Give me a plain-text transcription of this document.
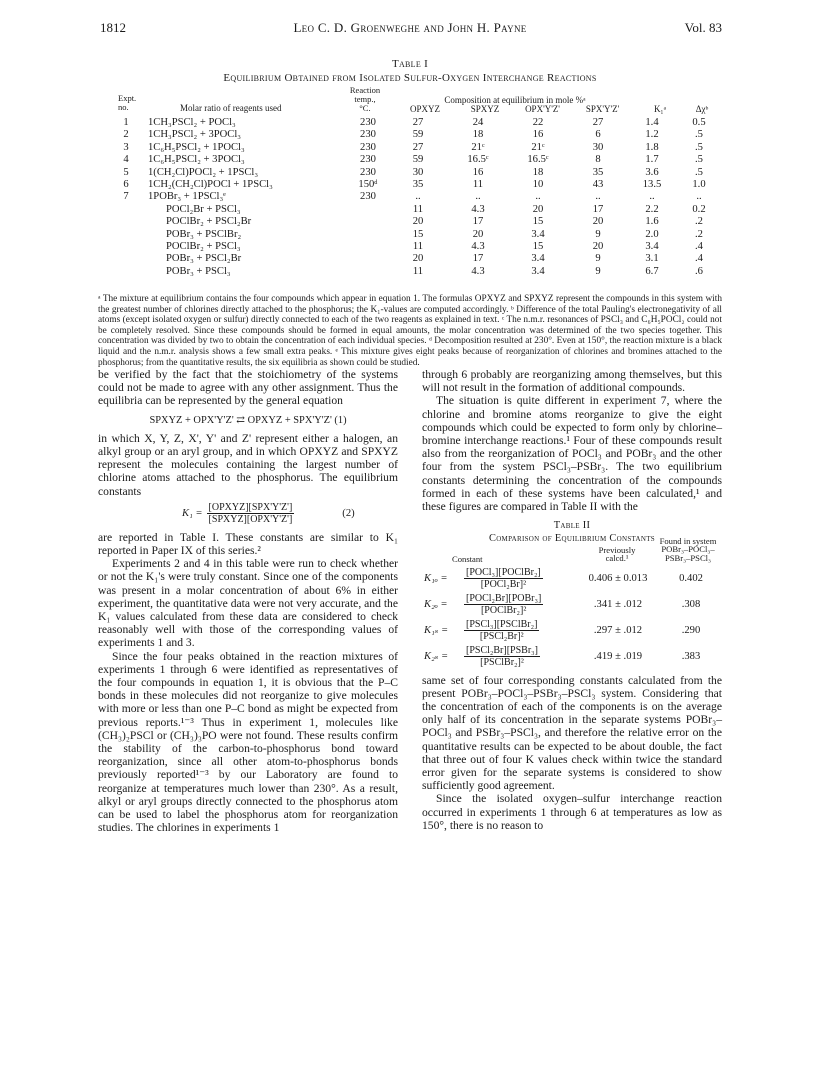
1812	Leo C. D. Groenweghe and John H. Payne	Vol. 83
Table I
Equilibrium Obtained from Isolated Sulfur-Oxygen Interchange Reactions
Expt.
no.	Molar ratio of reagents used
Reaction
temp.,
°C.
Composition at equilibrium in mole %ᵃ
OPXYZ	SPXYZ	OPX'Y'Z'	SPX'Y'Z'	K₁ᵃ	Δχᵇ
1	1CH₃PSCl₂ + POCl₃	230	27	24	22	27	1.4	0.5
2	1CH₃PSCl₂ + 3POCl₃	230	59	18	16	6	1.2	.5
3	1C₆H₅PSCl₂ + 1POCl₃	230	27	21ᶜ	21ᶜ	30	1.8	.5
4	1C₆H₅PSCl₂ + 3POCl₃	230	59	16.5ᶜ	16.5ᶜ	8	1.7	.5
5	1(CH₂Cl)POCl₂ + 1PSCl₃	230	30	16	18	35	3.6	.5
6	1CH₂(CH₂Cl)POCl + 1PSCl₃	150ᵈ	35	11	10	43	13.5	1.0
7	1POBr₃ + 1PSCl₃ᵉ	230	..	..	..	..	..	..
	POCl₂Br + PSCl₃		11	4.3	20	17	2.2	0.2
	POClBr₂ + PSCl₂Br		20	17	15	20	1.6	.2
	POBr₃ + PSClBr₂		15	20	3.4	9	2.0	.2
	POClBr₂ + PSCl₃		11	4.3	15	20	3.4	.4
	POBr₃ + PSCl₂Br		20	17	3.4	9	3.1	.4
	POBr₃ + PSCl₃		11	4.3	3.4	9	6.7	.6
ᵃ The mixture at equilibrium contains the four compounds which appear in equation 1. The formulas OPXYZ and SPXYZ represent the compounds in this system with the greatest number of chlorines directly attached to the phosphorus; the K₁-values are computed accordingly. ᵇ Difference of the total Pauling's electronegativity of all atoms (except isolated oxygen or sulfur) directly connected to each of the two reagents as explained in text. ᶜ The n.m.r. resonances of PSCl₃ and C₆H₅POCl₂ could not be completely resolved. Since these compounds should be formed in equal amounts, the molar concentration was determined of the two species together. This concentration was divided by two to obtain the concentration of each individual species. ᵈ Decomposition resulted at 230°. Even at 150°, the reaction mixture is a black liquid and the n.m.r. analysis shows a few small extra peaks. ᵉ This mixture gives eight peaks because of reorganization of chlorines and bromines attached to the phosphorus; from the quantitative results, the six equilibria as shown could be studied.

be verified by the fact that the stoichiometry of the systems could not be made to agree with any other assignment. Thus the equilibria can be represented by the general equation

SPXYZ + OPX'Y'Z' ⇄ OPXYZ + SPX'Y'Z' (1)

in which X, Y, Z, X', Y' and Z' represent either a halogen, an alkyl group or an aryl group, and in which OPXYZ and SPXYZ represent the molecules containing the largest number of chlorine atoms attached to the phosphorus. The equilibrium constants

$K_1 = \frac{\text{[OPXYZ][SPX'Y'Z']}}{\text{[SPXYZ][OPX'Y'Z']}}$	(2)

are reported in Table I. These constants are similar to K₁ reported in Paper IX of this series.²

Experiments 2 and 4 in this table were run to check whether or not the K₁'s were truly constant. Since one of the components was present in a molar concentration of about 6% in either experiment, the quantitative data were not very accurate, and the K₁ values calculated from these data are considered to check reasonably well with those of the corresponding values of experiments 1 and 3.

Since the four peaks obtained in the reaction mixtures of experiments 1 through 6 were identified as representatives of the four compounds in equation 1, it is obvious that the P–C bonds in these molecules did not reorganize to give molecules with more or less than one P–C bond as might be expected from previous reports.¹⁻³ Thus in experiment 1, molecules like (CH₃)₂PSCl or (CH₃)₃PO were not found. These results confirm the stability of the carbon-to-phosphorus bond toward reorganization, since all other atom-to-phosphorus bonds previously reported¹⁻³ by our Laboratory are found to reorganize at temperatures much lower than 230°. As a result, alkyl or aryl groups directly connected to the phosphorus atom can be used to label the phosphorus atom for reorganization studies. The chlorines in experiments 1

through 6 probably are reorganizing among themselves, but this will not result in the formation of additional compounds.

The situation is quite different in experiment 7, where the chlorine and bromine atoms reorganize to give the eight compounds which could be expected to form only by chlorine–bromine interchange reactions.¹ Four of these compounds result also from the reorganization of POCl₃ and POBr₃ and the other four from the system PSCl₃–PSBr₃. The two equilibrium constants determining the concentration of the compounds formed in each of these systems have been calculated,¹ and these figures are compared in Table II with the

Table II
Comparison of Equilibrium Constants
Constant
Previously
calcd.¹
Found in system
POBr₃–POCl₃–
PSBr₃–PSCl₃
K₁ₒ =	$\frac{\text{[POCl₃][POClBr₂]}}{\text{[POCl₂Br]²}}$	0.406 ± 0.013	0.402
K₂ₒ =	$\frac{\text{[POCl₂Br][POBr₃]}}{\text{[POClBr₂]²}}$	.341 ± .012	.308
K₁ₛ =	$\frac{\text{[PSCl₃][PSClBr₂]}}{\text{[PSCl₂Br]²}}$	.297 ± .012	.290
K₂ₛ =	$\frac{\text{[PSCl₂Br][PSBr₃]}}{\text{[PSClBr₂]²}}$	.419 ± .019	.383

same set of four corresponding constants calculated from the present POBr₃–POCl₃–PSBr₃–PSCl₃ system. Considering that the concentration of each of the components is on the average only half of its concentration in the separate systems POBr₃–POCl₃ and PSBr₃–PSCl₃, and therefore the relative error on the quantitative results can be expected to be about double, the fact that three out of four K values check within twice the standard error given for the separate systems is considered to show sufficiently good agreement.

Since the isolated oxygen–sulfur interchange reaction occurred in experiments 1 through 6 at temperatures as low as 150°, there is no reason to
